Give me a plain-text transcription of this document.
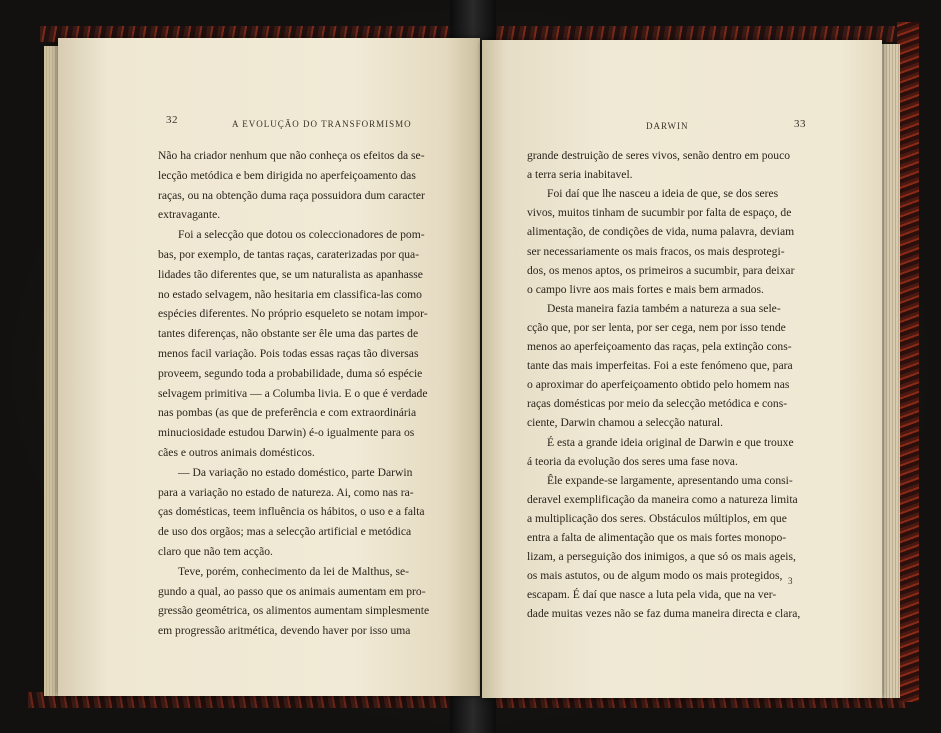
32	A EVOLUÇÃO DO TRANSFORMISMO
Não ha criador nenhum que não conheça os efeitos da se-
lecção metódica e bem dirigida no aperfeiçoamento das
raças, ou na obtenção duma raça possuidora dum caracter
extravagante.
Foi a selecção que dotou os coleccionadores de pom-
bas, por exemplo, de tantas raças, caraterizadas por qua-
lidades tão diferentes que, se um naturalista as apanhasse
no estado selvagem, não hesitaria em classifica-las como
espécies diferentes. No próprio esqueleto se notam impor-
tantes diferenças, não obstante ser êle uma das partes de
menos facil variação. Pois todas essas raças tão diversas
proveem, segundo toda a probabilidade, duma só espécie
selvagem primitiva — a Columba livia. E o que é verdade
nas pombas (as que de preferência e com extraordinária
minuciosidade estudou Darwin) é-o igualmente para os
cães e outros animais domésticos.
— Da variação no estado doméstico, parte Darwin
para a variação no estado de natureza. Ai, como nas ra-
ças domésticas, teem influência os hábitos, o uso e a falta
de uso dos orgãos; mas a selecção artificial e metódica
claro que não tem acção.
Teve, porém, conhecimento da lei de Malthus, se-
gundo a qual, ao passo que os animais aumentam em pro-
gressão geométrica, os alimentos aumentam simplesmente
em progressão aritmética, devendo haver por isso uma
DARWIN	33
grande destruição de seres vivos, senão dentro em pouco
a terra seria inabitavel.
Foi daí que lhe nasceu a ideia de que, se dos seres
vivos, muitos tinham de sucumbir por falta de espaço, de
alimentação, de condições de vida, numa palavra, deviam
ser necessariamente os mais fracos, os mais desprotegi-
dos, os menos aptos, os primeiros a sucumbir, para deixar
o campo livre aos mais fortes e mais bem armados.
Desta maneira fazia também a natureza a sua sele-
cção que, por ser lenta, por ser cega, nem por isso tende
menos ao aperfeiçoamento das raças, pela extinção cons-
tante das mais imperfeitas. Foi a este fenómeno que, para
o aproximar do aperfeiçoamento obtido pelo homem nas
raças domésticas por meio da selecção metódica e cons-
ciente, Darwin chamou a selecção natural.
É esta a grande ideia original de Darwin e que trouxe
á teoria da evolução dos seres uma fase nova.
Êle expande-se largamente, apresentando uma consi-
deravel exemplificação da maneira como a natureza limita
a multiplicação dos seres. Obstáculos múltiplos, em que
entra a falta de alimentação que os mais fortes monopo-
lizam, a perseguição dos inimigos, a que só os mais ageis,
os mais astutos, ou de algum modo os mais protegidos,
escapam. É daí que nasce a luta pela vida, que na ver-
dade muitas vezes não se faz duma maneira directa e clara,
3
